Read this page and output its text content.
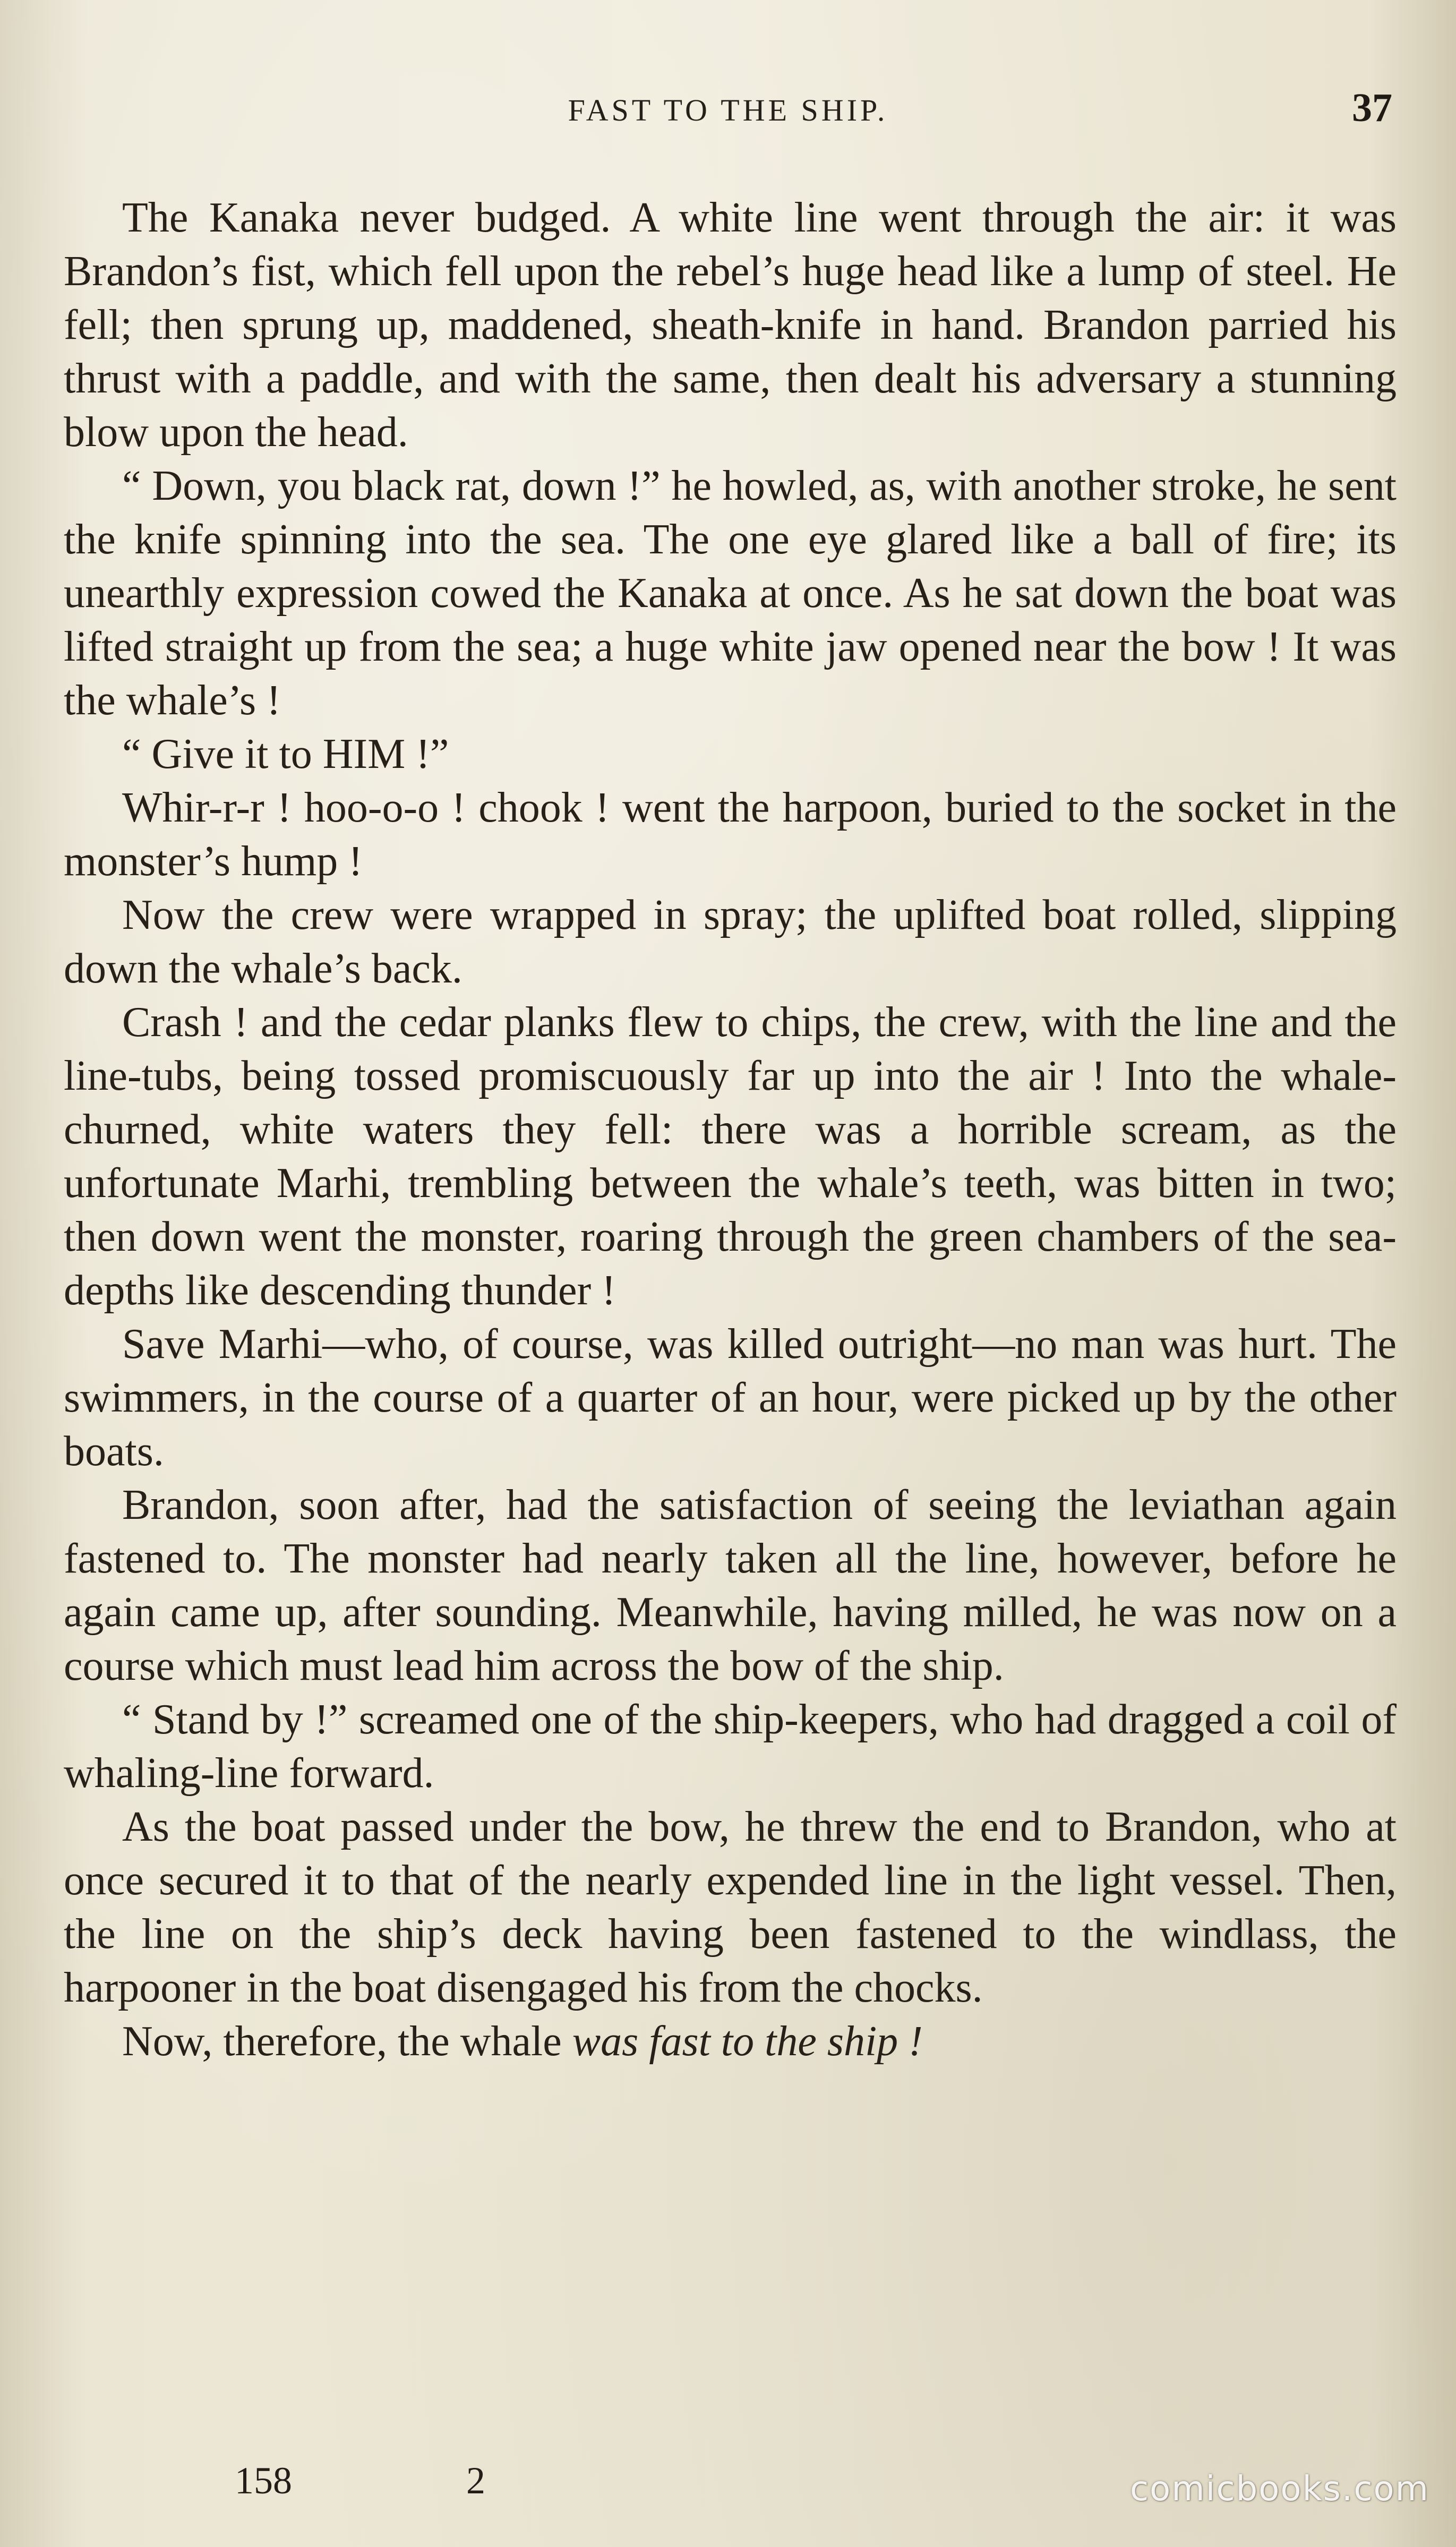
FAST TO THE SHIP.	37

The Kanaka never budged. A white line went through the air: it was Brandon’s fist, which fell upon the rebel’s huge head like a lump of steel. He fell; then sprung up, maddened, sheath-knife in hand. Brandon parried his thrust with a paddle, and with the same, then dealt his adversary a stunning blow upon the head.

“ Down, you black rat, down !” he howled, as, with another stroke, he sent the knife spinning into the sea. The one eye glared like a ball of fire; its unearthly expression cowed the Kanaka at once. As he sat down the boat was lifted straight up from the sea; a huge white jaw opened near the bow ! It was the whale’s !

“ Give it to HIM !”

Whir-r-r ! hoo-o-o ! chook ! went the harpoon, buried to the socket in the monster’s hump !

Now the crew were wrapped in spray; the uplifted boat rolled, slipping down the whale’s back.

Crash ! and the cedar planks flew to chips, the crew, with the line and the line-tubs, being tossed promiscuously far up into the air ! Into the whale-churned, white waters they fell: there was a horrible scream, as the unfortunate Marhi, trembling between the whale’s teeth, was bitten in two; then down went the monster, roaring through the green chambers of the sea-depths like descending thunder !

Save Marhi—who, of course, was killed outright—no man was hurt. The swimmers, in the course of a quarter of an hour, were picked up by the other boats.

Brandon, soon after, had the satisfaction of seeing the leviathan again fastened to. The monster had nearly taken all the line, however, before he again came up, after sounding. Meanwhile, having milled, he was now on a course which must lead him across the bow of the ship.

“ Stand by !” screamed one of the ship-keepers, who had dragged a coil of whaling-line forward.

As the boat passed under the bow, he threw the end to Brandon, who at once secured it to that of the nearly expended line in the light vessel. Then, the line on the ship’s deck having been fastened to the windlass, the harpooner in the boat disengaged his from the chocks.

Now, therefore, the whale was fast to the ship !

158	2	comicbooks.com
